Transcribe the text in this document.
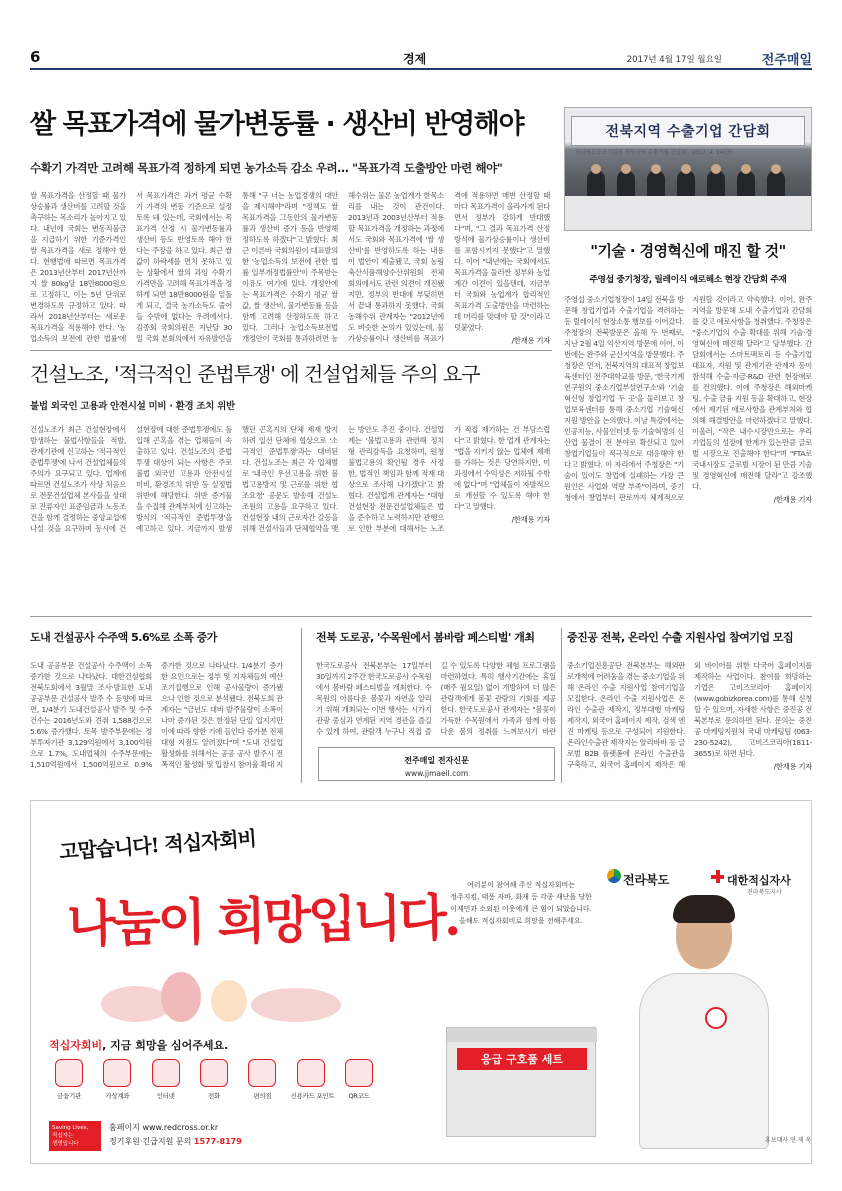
6	경제	2017년 4월 17일 월요일	전주매일
쌀 목표가격에 물가변동률 · 생산비 반영해야
수확기 가격만 고려해 목표가격 정하게 되면 농가소득 감소 우려… "목표가격 도출방안 마련 해야"
쌀 목표가격을 산정할 때 물가상승률과 생산비를 고려할 것을 촉구하는 목소리가 높아지고 있다. 내년에 국회는 변동직불금을 지급하기 위한 기준가격인 쌀 목표가격을 새로 정해야 한다. 현행법에 따르면 목표가격은 2013년산부터 2017년산까지 쌀 80kg당 18만8000원으로 고정하고, 이는 5년 단위로 변경하도록 규정하고 있다. 따라서 2018년산부터는 새로운 목표가격을 적용해야 한다. '농업소득의 보전에 관한 법률'에서 목표가격은 과거 평균 수확기 가격의 변동 기준으로 설정토록 돼 있는데, 국회에서는 목표가격 산정 시 물가변동률과 생산비 등도 반영토록 해야 한다는 주장을 하고 있다. 최근 쌀값이 하락세를 면치 못하고 있는 상황에서 쌀의 과잉 수확기 가격만을 고려해 목표가격을 정하게 되면 18만8000원을 밑돌게 되고, 결국 농가소득도 줄어들 수밖에 없다는 우려에서다. 김종회 국회의원은 지난달 30일 국회 본회의에서 자유발언을 통해 "구 너는 농업경쟁의 대안을 제시해야"라며 "정책도 쌀 목표가격을 그동안의 물가변동률과 생산비 증가 등을 반영해 정하도록 하겠다"고 밝혔다. 최근 이른바 국회의원이 대표발의한 '농업소득의 보전에 관한 법률 일부개정법률안'이 주목받는 이유도 여기에 있다. 개정안에는 목표가격은 수확기 평균 쌀값, 쌀 생산비, 물가변동률 등을 함께 고려해 산정하도록 하고 있다. 그러나 농업소득보전법 개정안이 국회를 통과하려면 농해수위는 물론 농업계가 한목소리를 내는 것이 관건이다. 2013년과 2003년산부터 적용할 목표가격을 개정하는 과정에서도 국회와 목표가격에 '쌀 생산비'를 반영하도록 하는 내용이 법안이 제출됐고, 국회 농림축산식품해양수산위원회 전체회의에서도 관련 의견이 개진됐지만, 정부의 반대에 부딪히면서 끝내 통과하지 못했다. 국회 농해수위 관계자는 "2012년에도 비슷한 논의가 있었는데, 물가상승률이나 생산비를 목표가격에 적용하면 매번 산정할 때마다 목표가격이 올라가게 된다면서 정부가 강하게 반대했다"며, "그 결과 목표가격 산정방식에 물가상승률이나 생산비를 포함시키지 못했다"고 말했다. 이어 "내년에는 국회에서도 목표가격을 둘러싼 정부와 농업계간 이견이 있을텐데, 지금부터 국회와 농업계가 합리적인 목표가격 도출방안을 마련하는 데 머리를 맞대야 할 것"이라고 덧붙였다.
/한재용 기자
전북지역 수출기업 간담회
전라북도중소기업청 전북지역 수출기업 간담회 · 2017. 4. 14(금)
"기술 · 경영혁신에 매진 할 것"
주영섭 중기청장, 릴레이식 애로해소 현장 간담회 주재
주영섭 중소기업청장이 14일 전북을 방문해 창업기업과 수출기업을 격려하는 등 릴레이식 현장소통 행보를 이어갔다. 주청장의 전북방문은 올해 두 번째로, 지난 2월 4일 익산지역 방문에 이어, 이번에는 완주와 군산지역을 방문했다. 주청장은 먼저, 전북지역의 대표적 창업보육센터인 전주대학교를 방문, '한국기계연구원의 중소기업부설연구소'와 '기술혁신형 창업기업 두 곳'을 둘러보고 창업보육센터를 통해 중소기업 기술혁신지원 방안을 논의했다. 이날 특강에서는 인공지능, 사물인터넷 등 기술혁명의 신산업 물결이 전 분야로 확산되고 있어 창업기업들이 적극적으로 대응해야 한다고 밝혔다. 이 자리에서 주청장은 "기술이 있어도 창업에 실패하는 가장 큰 원인은 사업화 역량 부족"이라며, 중기청에서 창업부터 판로까지 체계적으로 지원할 것이라고 약속했다. 이어, 완주지역을 방문해 도내 수출기업과 간담회를 갖고 애로사항을 청취했다. 주청장은 "중소기업의 수출 확대를 위해 기술·경영혁신에 매진해 달라"고 당부했다. 간담회에서는 스마트팩토리 등 수출기업 대표자, 지원 및 관계기관 관계자 등이 참석해 수출·자금·R&D 관련 현장애로를 건의했다. 이에 주청장은 해외마케팅, 수출 금융 지원 등을 확대하고, 현장에서 제기된 애로사항을 관계부처와 협의해 해결방안을 마련하겠다고 말했다. 이울러, "작은 내수시장만으로는 우리 기업들의 성장에 한계가 있는만큼 글로벌 시장으로 진출해야 한다"며 "FTA로 국내시장도 글로벌 시장이 된 만큼 기술 및 경영혁신에 매진해 달라"고 강조했다.
/한재용 기자
건설노조, '적극적인 준법투쟁' 에 건설업체들 주의 요구
불법 외국인 고용과 안전시설 미비 · 환경 조치 위반
건설노조가 최근 건설현장에서 발생하는 불법사항들을 적발, 관계기관에 신고하는 '적극적인 준법투쟁'에 나서 건설업체들의 주의가 요구되고 있다. 업계에 따르면 건설노조가 사상 처음으로 전문건설업체 본사들을 상대로 잔류자인 표준임금과 노동조건을 함께 결정하는 중앙교섭에 나설 것을 요구하며 동시에 건설현장에 대한 준법투쟁에도 돌입해 곤혹을 겪는 업체들이 속출하고 있다. 건설노조의 준법투쟁 대상이 되는 사항은 주로 불법 외국인 고용과 안전시설 미비, 환경조치 위반 등 실정법 위반에 해당한다. 위반 증거물을 수집해 관계부처에 신고하는 방식의 '적극적인 준법투쟁'을 예고하고 있다. 지금까지 발생했던 곤혹지의 단체 제재 방지하려 일선 단체에 협상으로 '소극적인 준법투쟁'과는 대비된다. 건설노조는 최근 각 업체별로 '내국인 우선고용을 위한 불법고용방지 및 근로를 위한 협조요청' 공문도 발송해 건설노조원의 고용을 요구하고 있다. 건설현장 내의 근로자간 갈등을 위해 건설사들과 단체협약을 맺는 방안도 추진 중이다. 건설업계는 '불법고용과 관련해 정치형 관리감독을 요청하며, 원청 불법고용의 확인될 경우 사정한, 법적인 책임과 함께 적재 대상으로 조사해 나가겠다'고 밝혔다. 건설업계 관계자는 "대형 건설현장 전문건설업체들은 법을 준수하고 노력하지만 관행으로 인한 부분에 대해서는 노조가 직접 제기하는 건 부담스럽다"고 밝혔다. 한 업계 관계자는 "법을 지키지 않는 업체에 제재를 가하는 것은 당연하지만, 이 과정에서 수익성은 저하될 수밖에 없다"며 "업체들이 자발적으로 개선할 수 있도록 해야 한다"고 말했다.
/한재용 기자
도내 건설공사 수주액 5.6%로 소폭 증가
도내 공공부문 건설공사 수주액이 소폭 증가한 것으로 나타났다. 대한건설협회 전북도회에서 3월말 조사·발표한 도내 공공부문 건설공사 발주 수 동향에 따르면, 1/4분기 도내건설공사 발주 및 수주건수는 2016년도와 견줘 1,588건으로 5.6% 증가했다. 토목 발주부문에는 정부투자기관 3,129억원에서 3,100억원으로 1.7%, 도내업체의 수주부문에는 1,510억원에서 1,500억원으로 0.9% 증가한 것으로 나타났다. 1/4분기 증가한 요인으로는 정부 및 지자체들의 예산 조기집행으로 인해 공사물량이 증가됐으나 인한 것으로 분석됐다. 전북도회 관계자는 "금년도 대비 발주물량이 소폭이나마 증가된 것은 한정된 단일 입지지만 이에 따라 향한 기에 들인다 증가분 전체 대형 지점도 알려졌다"며 "도내 건설업 활성화를 위해서는 공공 공사 발주시 전폭적인 활성화 및 입찰시 참여율 확대 지
전북 도로공, '수목원에서 봄바람 페스티벌' 개최
한국도로공사 전북본부는 17일부터 30일까지 2주간 한국도로공사 수목원에서 봄바람 페스티벌을 개최한다. 수목원의 아름다운 봄꽃과 자연을 알리기 위해 개최되는 이번 행사는 시가지 관광 중심과 연계된 지역 경관을 즐길 수 있게 하여, 관람객 누구나 직접 즐길 수 있도록 다양한 체험 프로그램을 마련하였다. 특히 행사기간에는 휴일(매주 월요일) 없이 개방하여 더 많은 관람객에게 봄꽃 관람의 기회를 제공한다. 한국도로공사 관계자는 "봄꽃이 가득한 수목원에서 가족과 함께 아름다운 봄의 정취를 느껴보시기 바란
전주매일 전자신문
www.jjmaeil.com
중진공 전북, 온라인 수출 지원사업 참여기업 모집
중소기업진흥공단 전북본부는 해외판로개척에 어려움을 겪는 중소기업을 위해 온라인 수출 지원사업 참여기업을 모집한다. 온라인 수출 지원사업은 온라인 수출관 제작지, 정부대행 마케팅 제작지, 외국어 홈페이지 제작, 검색 엔진 마케팅 등으로 구성되어 지원한다. 온라인수출관 제작지는 알리바바 등 글로벌 B2B 플랫폼에 온라인 수출관을 구축하고, 외국어 홈페이지 제작은 해외 바이어를 위한 다국어 홈페이지를 제작하는 사업이다. 참여를 희망하는 기업은 고비즈코리아 홈페이지(www.gobizkorea.com)를 통해 신청할 수 있으며, 자세한 사항은 중진공 전북본부로 문의하면 된다. 문의는 중진공 마케팅지원처 국내 마케팅팀 (063-230-5242), 고비즈코리아(1811-3655)로 하면 된다.
/한재용 기자
전라북도	대한적십자사
전라북도지사
고맙습니다! 적십자회비
나눔이 희망입니다.
여러분이 참여해 주신 적십자회비는
정주지킴, 태풍 자바, 화재 등 각종 재난을 당한
이재민과 소외된 이웃에게 큰 힘이 되었습니다.
올해도 적십자회비로 희망을 전해주세요.
적십자회비, 지금 희망을 심어주세요.
금융기관	가상계좌	인터넷	전화	편의점	신용카드 포인트	QR코드
Saving Lives,
적십자는
생명입니다
홈페이지 www.redcross.or.kr
정기후원·긴급지원 문의 1577-8179
응급 구호품 세트
홍보대사 연 제 욱
